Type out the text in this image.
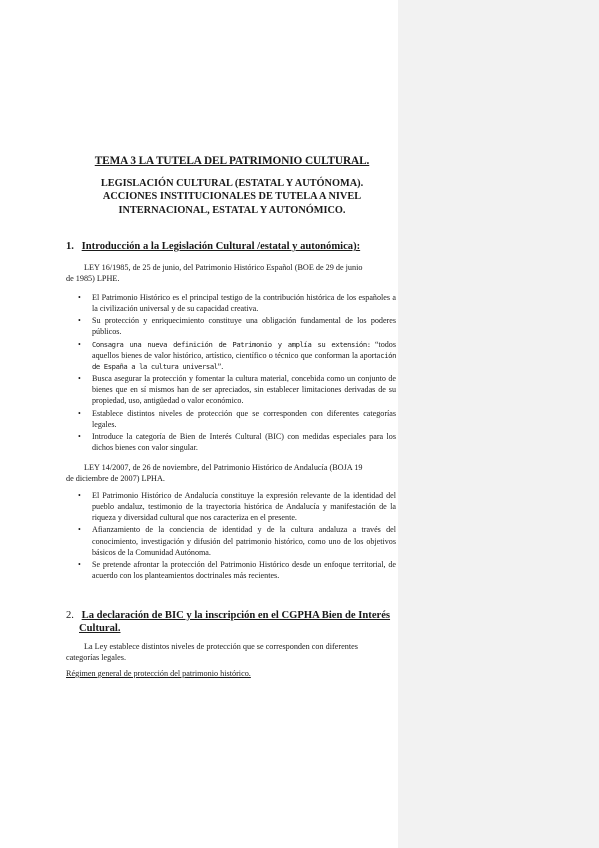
TEMA 3 LA TUTELA DEL PATRIMONIO CULTURAL.
LEGISLACIÓN CULTURAL (ESTATAL Y AUTÓNOMA).
ACCIONES INSTITUCIONALES DE TUTELA A NIVEL
INTERNACIONAL, ESTATAL Y AUTONÓMICO.
1. Introducción a la Legislación Cultural /estatal y autonómica):
LEY 16/1985, de 25 de junio, del Patrimonio Histórico Español (BOE de 29 de junio
de 1985) LPHE.
• El Patrimonio Histórico es el principal testigo de la contribución histórica de los españoles a la civilización universal y de su capacidad creativa.
• Su protección y enriquecimiento constituye una obligación fundamental de los poderes públicos.
• Consagra una nueva definición de Patrimonio y amplía su extensión: “todos aquellos bienes de valor histórico, artístico, científico o técnico que conforman la aportación de España a la cultura universal”.
• Busca asegurar la protección y fomentar la cultura material, concebida como un conjunto de bienes que en sí mismos han de ser apreciados, sin establecer limitaciones derivadas de su propiedad, uso, antigüedad o valor económico.
• Establece distintos niveles de protección que se corresponden con diferentes categorías legales.
• Introduce la categoría de Bien de Interés Cultural (BIC) con medidas especiales para los dichos bienes con valor singular.
LEY 14/2007, de 26 de noviembre, del Patrimonio Histórico de Andalucía (BOJA 19
de diciembre de 2007) LPHA.
• El Patrimonio Histórico de Andalucía constituye la expresión relevante de la identidad del pueblo andaluz, testimonio de la trayectoria histórica de Andalucía y manifestación de la riqueza y diversidad cultural que nos caracteriza en el presente.
• Afianzamiento de la conciencia de identidad y de la cultura andaluza a través del conocimiento, investigación y difusión del patrimonio histórico, como uno de los objetivos básicos de la Comunidad Autónoma.
• Se pretende afrontar la protección del Patrimonio Histórico desde un enfoque territorial, de acuerdo con los planteamientos doctrinales más recientes.
2. La declaración de BIC y la inscripción en el CGPHA Bien de Interés
Cultural.
La Ley establece distintos niveles de protección que se corresponden con diferentes
categorías legales.
Régimen general de protección del patrimonio histórico.
